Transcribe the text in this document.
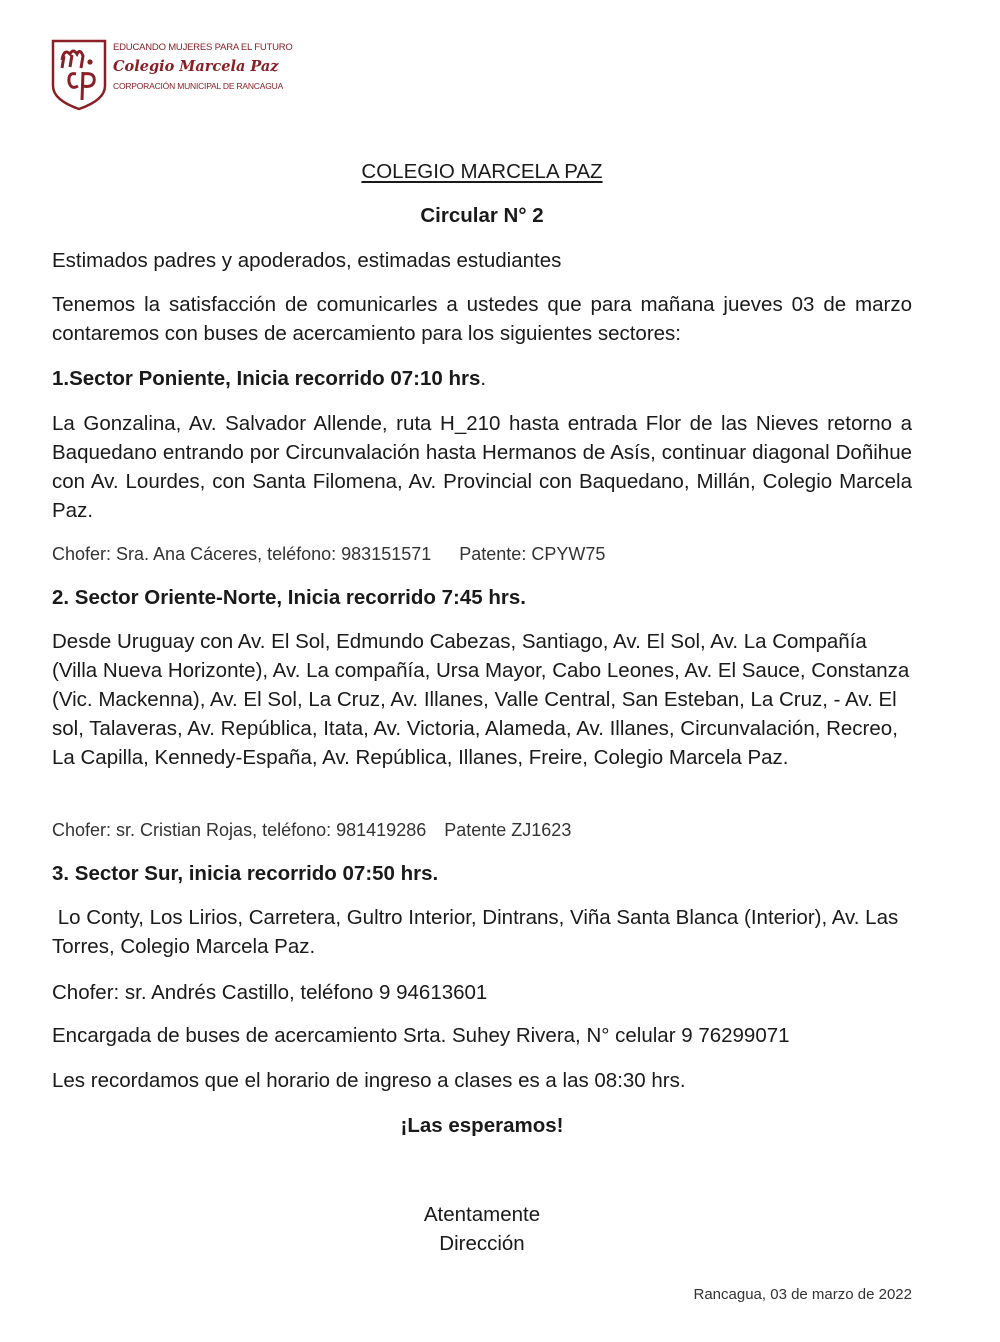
EDUCANDO MUJERES PARA EL FUTURO
Colegio Marcela Paz
CORPORACIÓN MUNICIPAL DE RANCAGUA
COLEGIO MARCELA PAZ
Circular N° 2
Estimados padres y apoderados, estimadas estudiantes
Tenemos la satisfacción de comunicarles a ustedes que para mañana jueves 03 de marzo contaremos con buses de acercamiento para los siguientes sectores:
1.Sector Poniente, Inicia recorrido 07:10 hrs.
La Gonzalina, Av. Salvador Allende, ruta H_210 hasta entrada Flor de las Nieves retorno a Baquedano entrando por Circunvalación hasta Hermanos de Asís, continuar diagonal Doñihue con Av. Lourdes, con Santa Filomena, Av. Provincial con Baquedano, Millán, Colegio Marcela Paz.
Chofer: Sra. Ana Cáceres, teléfono: 983151571 Patente: CPYW75
2. Sector Oriente-Norte, Inicia recorrido 7:45 hrs.
Desde Uruguay con Av. El Sol, Edmundo Cabezas, Santiago, Av. El Sol, Av. La Compañía (Villa Nueva Horizonte), Av. La compañía, Ursa Mayor, Cabo Leones, Av. El Sauce, Constanza (Vic. Mackenna), Av. El Sol, La Cruz, Av. Illanes, Valle Central, San Esteban, La Cruz, - Av. El sol, Talaveras, Av. República, Itata, Av. Victoria, Alameda, Av. Illanes, Circunvalación, Recreo, La Capilla, Kennedy-España, Av. República, Illanes, Freire, Colegio Marcela Paz.
Chofer: sr. Cristian Rojas, teléfono: 981419286 Patente ZJ1623
3. Sector Sur, inicia recorrido 07:50 hrs.
Lo Conty, Los Lirios, Carretera, Gultro Interior, Dintrans, Viña Santa Blanca (Interior), Av. Las Torres, Colegio Marcela Paz.
Chofer: sr. Andrés Castillo, teléfono 9 94613601
Encargada de buses de acercamiento Srta. Suhey Rivera, N° celular 9 76299071
Les recordamos que el horario de ingreso a clases es a las 08:30 hrs.
¡Las esperamos!
Atentamente
Dirección
Rancagua, 03 de marzo de 2022
